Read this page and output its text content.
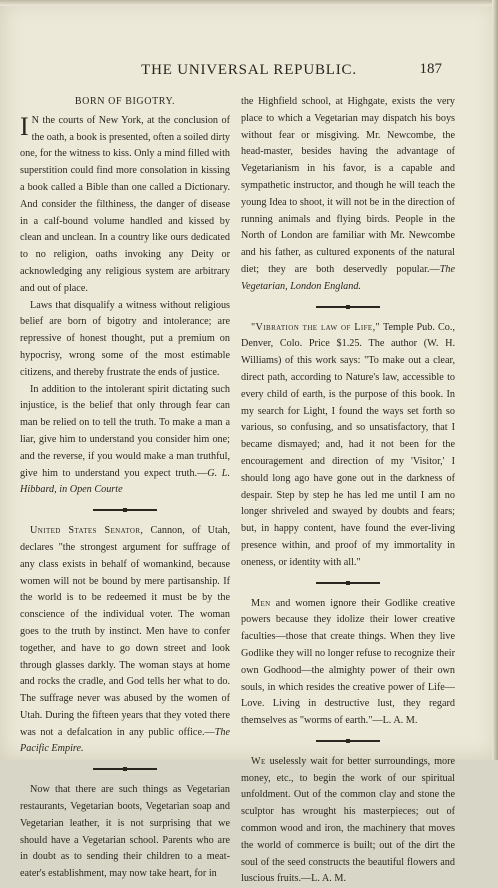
THE UNIVERSAL REPUBLIC.	187
BORN OF BIGOTRY.

I N the courts of New York, at the conclusion of the oath, a book is presented, often a soiled dirty one, for the witness to kiss. Only a mind filled with superstition could find more consolation in kissing a book called a Bible than one called a Dictionary. And consider the filthiness, the danger of disease in a calf-bound volume handled and kissed by clean and unclean. In a country like ours dedicated to no religion, oaths invoking any Deity or acknowledging any religious system are arbitrary and out of place.

Laws that disqualify a witness without religious belief are born of bigotry and intolerance; are repressive of honest thought, put a premium on hypocrisy, wrong some of the most estimable citizens, and thereby frustrate the ends of justice.

In addition to the intolerant spirit dictating such injustice, is the belief that only through fear can man be relied on to tell the truth. To make a man a liar, give him to understand you consider him one; and the reverse, if you would make a man truthful, give him to understand you expect truth.—G. L. Hibbard, in Open Courte

United States Senator, Cannon, of Utah, declares "the strongest argument for suffrage of any class exists in behalf of womankind, because women will not be bound by mere partisanship. If the world is to be redeemed it must be by the conscience of the individual voter. The woman goes to the truth by instinct. Men have to confer together, and have to go down street and look through glasses darkly. The woman stays at home and rocks the cradle, and God tells her what to do. The suffrage never was abused by the women of Utah. During the fifteen years that they voted there was not a defalcation in any public office.—The Pacific Empire.

Now that there are such things as Vegetarian restaurants, Vegetarian boots, Vegetarian soap and Vegetarian leather, it is not surprising that we should have a Vegetarian school. Parents who are in doubt as to sending their children to a meat-eater's establishment, may now take heart, for in

the Highfield school, at Highgate, exists the very place to which a Vegetarian may dispatch his boys without fear or misgiving. Mr. Newcombe, the head-master, besides having the advantage of Vegetarianism in his favor, is a capable and sympathetic instructor, and though he will teach the young Idea to shoot, it will not be in the direction of running animals and flying birds. People in the North of London are familiar with Mr. Newcombe and his father, as cultured exponents of the natural diet; they are both deservedly popular.—The Vegetarian, London England.

"Vibration the law of Life," Temple Pub. Co., Denver, Colo. Price $1.25. The author (W. H. Williams) of this work says: "To make out a clear, direct path, according to Nature's law, accessible to every child of earth, is the purpose of this book. In my search for Light, I found the ways set forth so various, so confusing, and so unsatisfactory, that I became dismayed; and, had it not been for the encouragement and direction of my 'Visitor,' I should long ago have gone out in the darkness of despair. Step by step he has led me until I am no longer shriveled and swayed by doubts and fears; but, in happy content, have found the ever-living presence within, and proof of my immortality in oneness, or identity with all."

Men and women ignore their Godlike creative powers because they idolize their lower creative faculties—those that create things. When they live Godlike they will no longer refuse to recognize their own Godhood—the almighty power of their own souls, in which resides the creative power of Life—Love. Living in destructive lust, they regard themselves as "worms of earth."—L. A. M.

We uselessly wait for better surroundings, more money, etc., to begin the work of our spiritual unfoldment. Out of the common clay and stone the sculptor has wrought his masterpieces; out of common wood and iron, the machinery that moves the world of commerce is built; out of the dirt the soul of the seed constructs the beautiful flowers and luscious fruits.—L. A. M.
